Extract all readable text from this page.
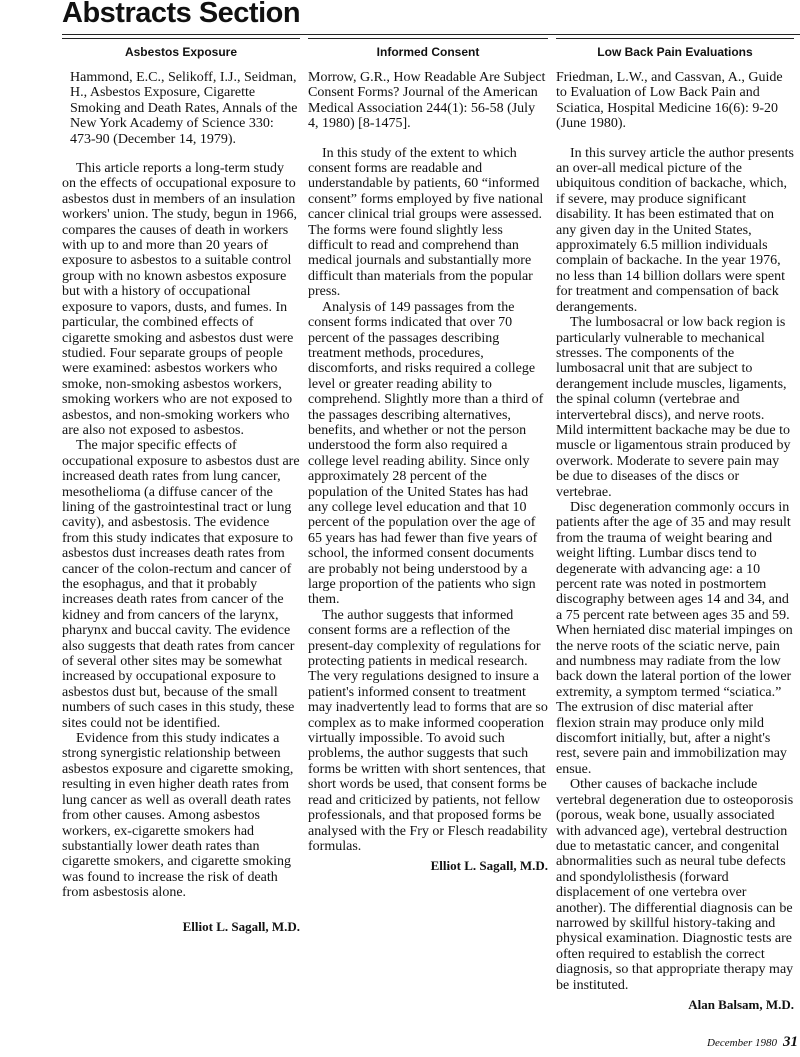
Abstracts Section
Asbestos Exposure

Hammond, E.C., Selikoff, I.J., Seidman, H., Asbestos Exposure, Cigarette Smoking and Death Rates, Annals of the New York Academy of Science 330: 473-90 (December 14, 1979).

This article reports a long-term study on the effects of occupational exposure to asbestos dust in members of an insulation workers' union. The study, begun in 1966, compares the causes of death in workers with up to and more than 20 years of exposure to asbestos to a suitable control group with no known asbestos exposure but with a history of occupational exposure to vapors, dusts, and fumes. In particular, the combined effects of cigarette smoking and asbestos dust were studied. Four separate groups of people were examined: asbestos workers who smoke, non-smoking asbestos workers, smoking workers who are not exposed to asbestos, and non-smoking workers who are also not exposed to asbestos.

The major specific effects of occupational exposure to asbestos dust are increased death rates from lung cancer, mesothelioma (a diffuse cancer of the lining of the gastrointestinal tract or lung cavity), and asbestosis. The evidence from this study indicates that exposure to asbestos dust increases death rates from cancer of the colon-rectum and cancer of the esophagus, and that it probably increases death rates from cancer of the kidney and from cancers of the larynx, pharynx and buccal cavity. The evidence also suggests that death rates from cancer of several other sites may be somewhat increased by occupational exposure to asbestos dust but, because of the small numbers of such cases in this study, these sites could not be identified.

Evidence from this study indicates a strong synergistic relationship between asbestos exposure and cigarette smoking, resulting in even higher death rates from lung cancer as well as overall death rates from other causes. Among asbestos workers, ex-cigarette smokers had substantially lower death rates than cigarette smokers, and cigarette smoking was found to increase the risk of death from asbestosis alone.

Elliot L. Sagall, M.D.

Informed Consent

Morrow, G.R., How Readable Are Subject Consent Forms? Journal of the American Medical Association 244(1): 56-58 (July 4, 1980) [8-1475].

In this study of the extent to which consent forms are readable and understandable by patients, 60 “informed consent” forms employed by five national cancer clinical trial groups were assessed. The forms were found slightly less difficult to read and comprehend than medical journals and substantially more difficult than materials from the popular press.

Analysis of 149 passages from the consent forms indicated that over 70 percent of the passages describing treatment methods, procedures, discomforts, and risks required a college level or greater reading ability to comprehend. Slightly more than a third of the passages describing alternatives, benefits, and whether or not the person understood the form also required a college level reading ability. Since only approximately 28 percent of the population of the United States has had any college level education and that 10 percent of the population over the age of 65 years has had fewer than five years of school, the informed consent documents are probably not being understood by a large proportion of the patients who sign them.

The author suggests that informed consent forms are a reflection of the present-day complexity of regulations for protecting patients in medical research. The very regulations designed to insure a patient's informed consent to treatment may inadvertently lead to forms that are so complex as to make informed cooperation virtually impossible. To avoid such problems, the author suggests that such forms be written with short sentences, that short words be used, that consent forms be read and criticized by patients, not fellow professionals, and that proposed forms be analysed with the Fry or Flesch readability formulas.

Elliot L. Sagall, M.D.

Low Back Pain Evaluations

Friedman, L.W., and Cassvan, A., Guide to Evaluation of Low Back Pain and Sciatica, Hospital Medicine 16(6): 9-20 (June 1980).

In this survey article the author presents an over-all medical picture of the ubiquitous condition of backache, which, if severe, may produce significant disability. It has been estimated that on any given day in the United States, approximately 6.5 million individuals complain of backache. In the year 1976, no less than 14 billion dollars were spent for treatment and compensation of back derangements.

The lumbosacral or low back region is particularly vulnerable to mechanical stresses. The components of the lumbosacral unit that are subject to derangement include muscles, ligaments, the spinal column (vertebrae and intervertebral discs), and nerve roots. Mild intermittent backache may be due to muscle or ligamentous strain produced by overwork. Moderate to severe pain may be due to diseases of the discs or vertebrae.

Disc degeneration commonly occurs in patients after the age of 35 and may result from the trauma of weight bearing and weight lifting. Lumbar discs tend to degenerate with advancing age: a 10 percent rate was noted in postmortem discography between ages 14 and 34, and a 75 percent rate between ages 35 and 59. When herniated disc material impinges on the nerve roots of the sciatic nerve, pain and numbness may radiate from the low back down the lateral portion of the lower extremity, a symptom termed “sciatica.” The extrusion of disc material after flexion strain may produce only mild discomfort initially, but, after a night's rest, severe pain and immobilization may ensue.

Other causes of backache include vertebral degeneration due to osteoporosis (porous, weak bone, usually associated with advanced age), vertebral destruction due to metastatic cancer, and congenital abnormalities such as neural tube defects and spondylolisthesis (forward displacement of one vertebra over another). The differential diagnosis can be narrowed by skillful history-taking and physical examination. Diagnostic tests are often required to establish the correct diagnosis, so that appropriate therapy may be instituted.

Alan Balsam, M.D.

December 1980 31
